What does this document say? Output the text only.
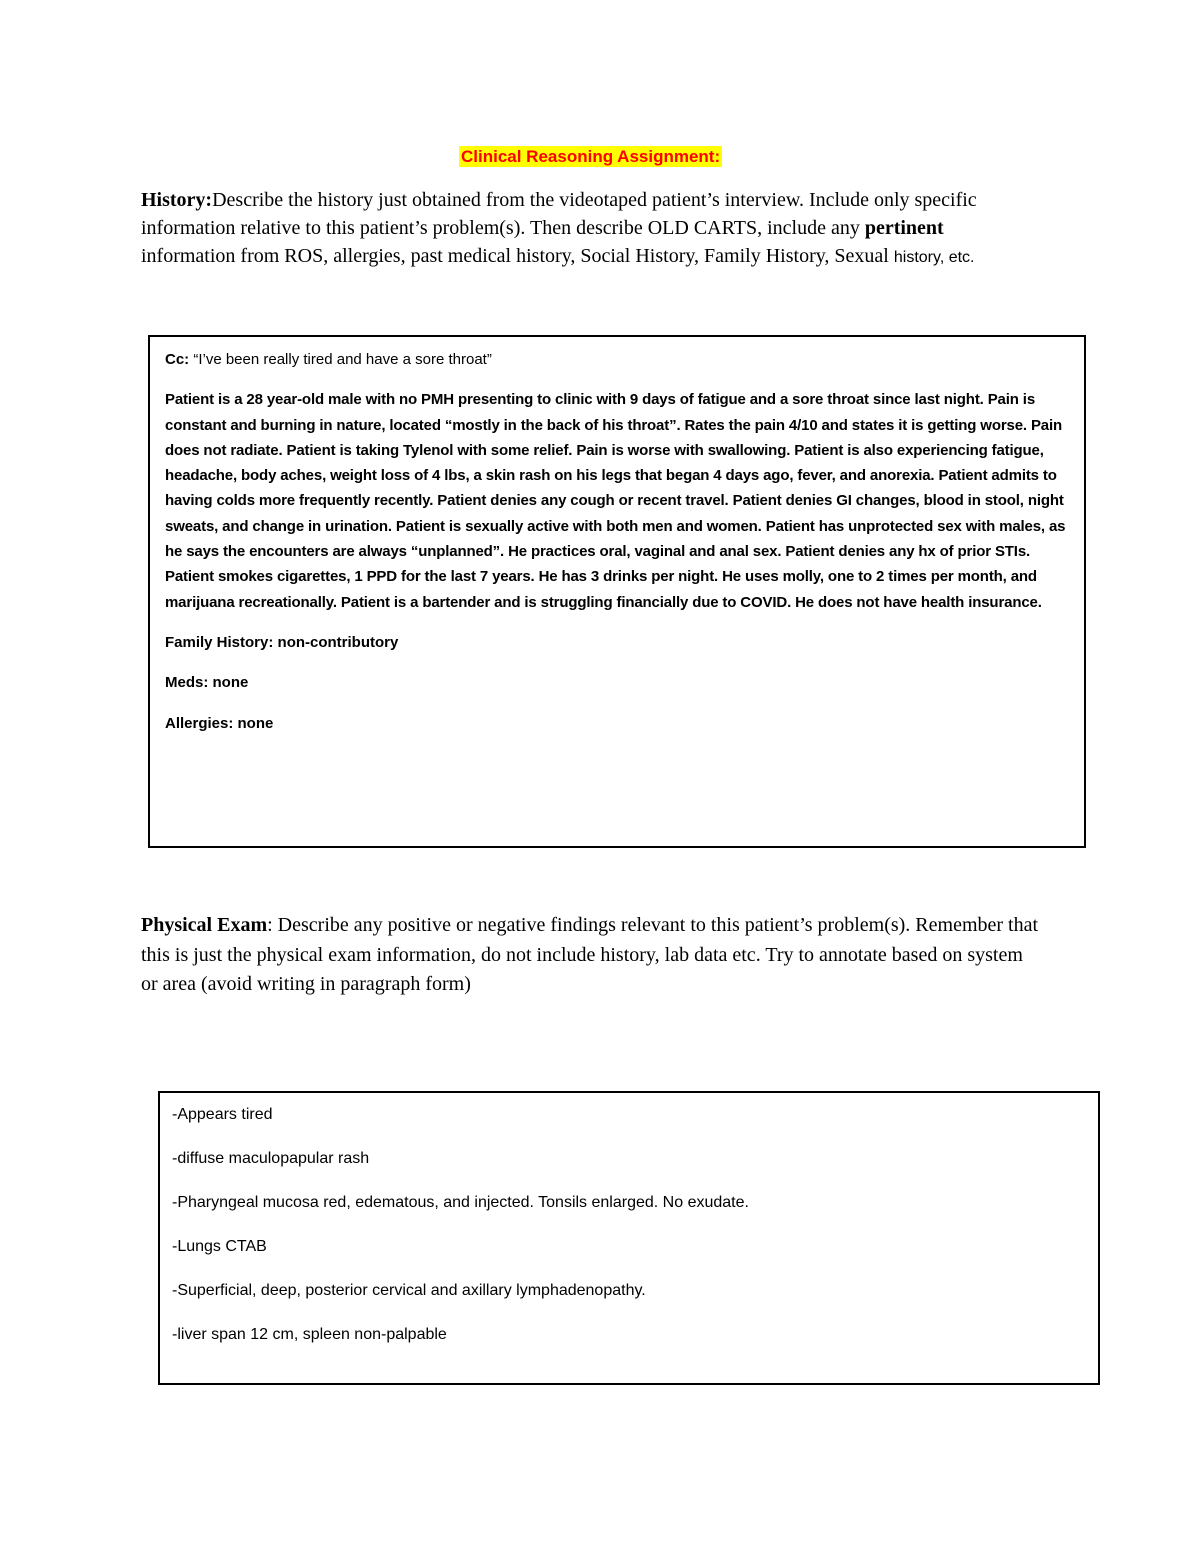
Clinical Reasoning Assignment:
History:Describe the history just obtained from the videotaped patient’s interview. Include only specific information relative to this patient’s problem(s). Then describe OLD CARTS, include any pertinent information from ROS, allergies, past medical history, Social History, Family History, Sexual history, etc.

Cc: “I’ve been really tired and have a sore throat”

Patient is a 28 year-old male with no PMH presenting to clinic with 9 days of fatigue and a sore throat since last night. Pain is constant and burning in nature, located “mostly in the back of his throat”. Rates the pain 4/10 and states it is getting worse. Pain does not radiate. Patient is taking Tylenol with some relief. Pain is worse with swallowing. Patient is also experiencing fatigue, headache, body aches, weight loss of 4 lbs, a skin rash on his legs that began 4 days ago, fever, and anorexia. Patient admits to having colds more frequently recently. Patient denies any cough or recent travel. Patient denies GI changes, blood in stool, night sweats, and change in urination. Patient is sexually active with both men and women. Patient has unprotected sex with males, as he says the encounters are always “unplanned”. He practices oral, vaginal and anal sex. Patient denies any hx of prior STIs. Patient smokes cigarettes, 1 PPD for the last 7 years. He has 3 drinks per night. He uses molly, one to 2 times per month, and marijuana recreationally. Patient is a bartender and is struggling financially due to COVID. He does not have health insurance.

Family History: non-contributory

Meds: none

Allergies: none

Physical Exam: Describe any positive or negative findings relevant to this patient’s problem(s). Remember that this is just the physical exam information, do not include history, lab data etc. Try to annotate based on system or area (avoid writing in paragraph form)
-Appears tired
-diffuse maculopapular rash
-Pharyngeal mucosa red, edematous, and injected. Tonsils enlarged. No exudate.
-Lungs CTAB
-Superficial, deep, posterior cervical and axillary lymphadenopathy.
-liver span 12 cm, spleen non-palpable
